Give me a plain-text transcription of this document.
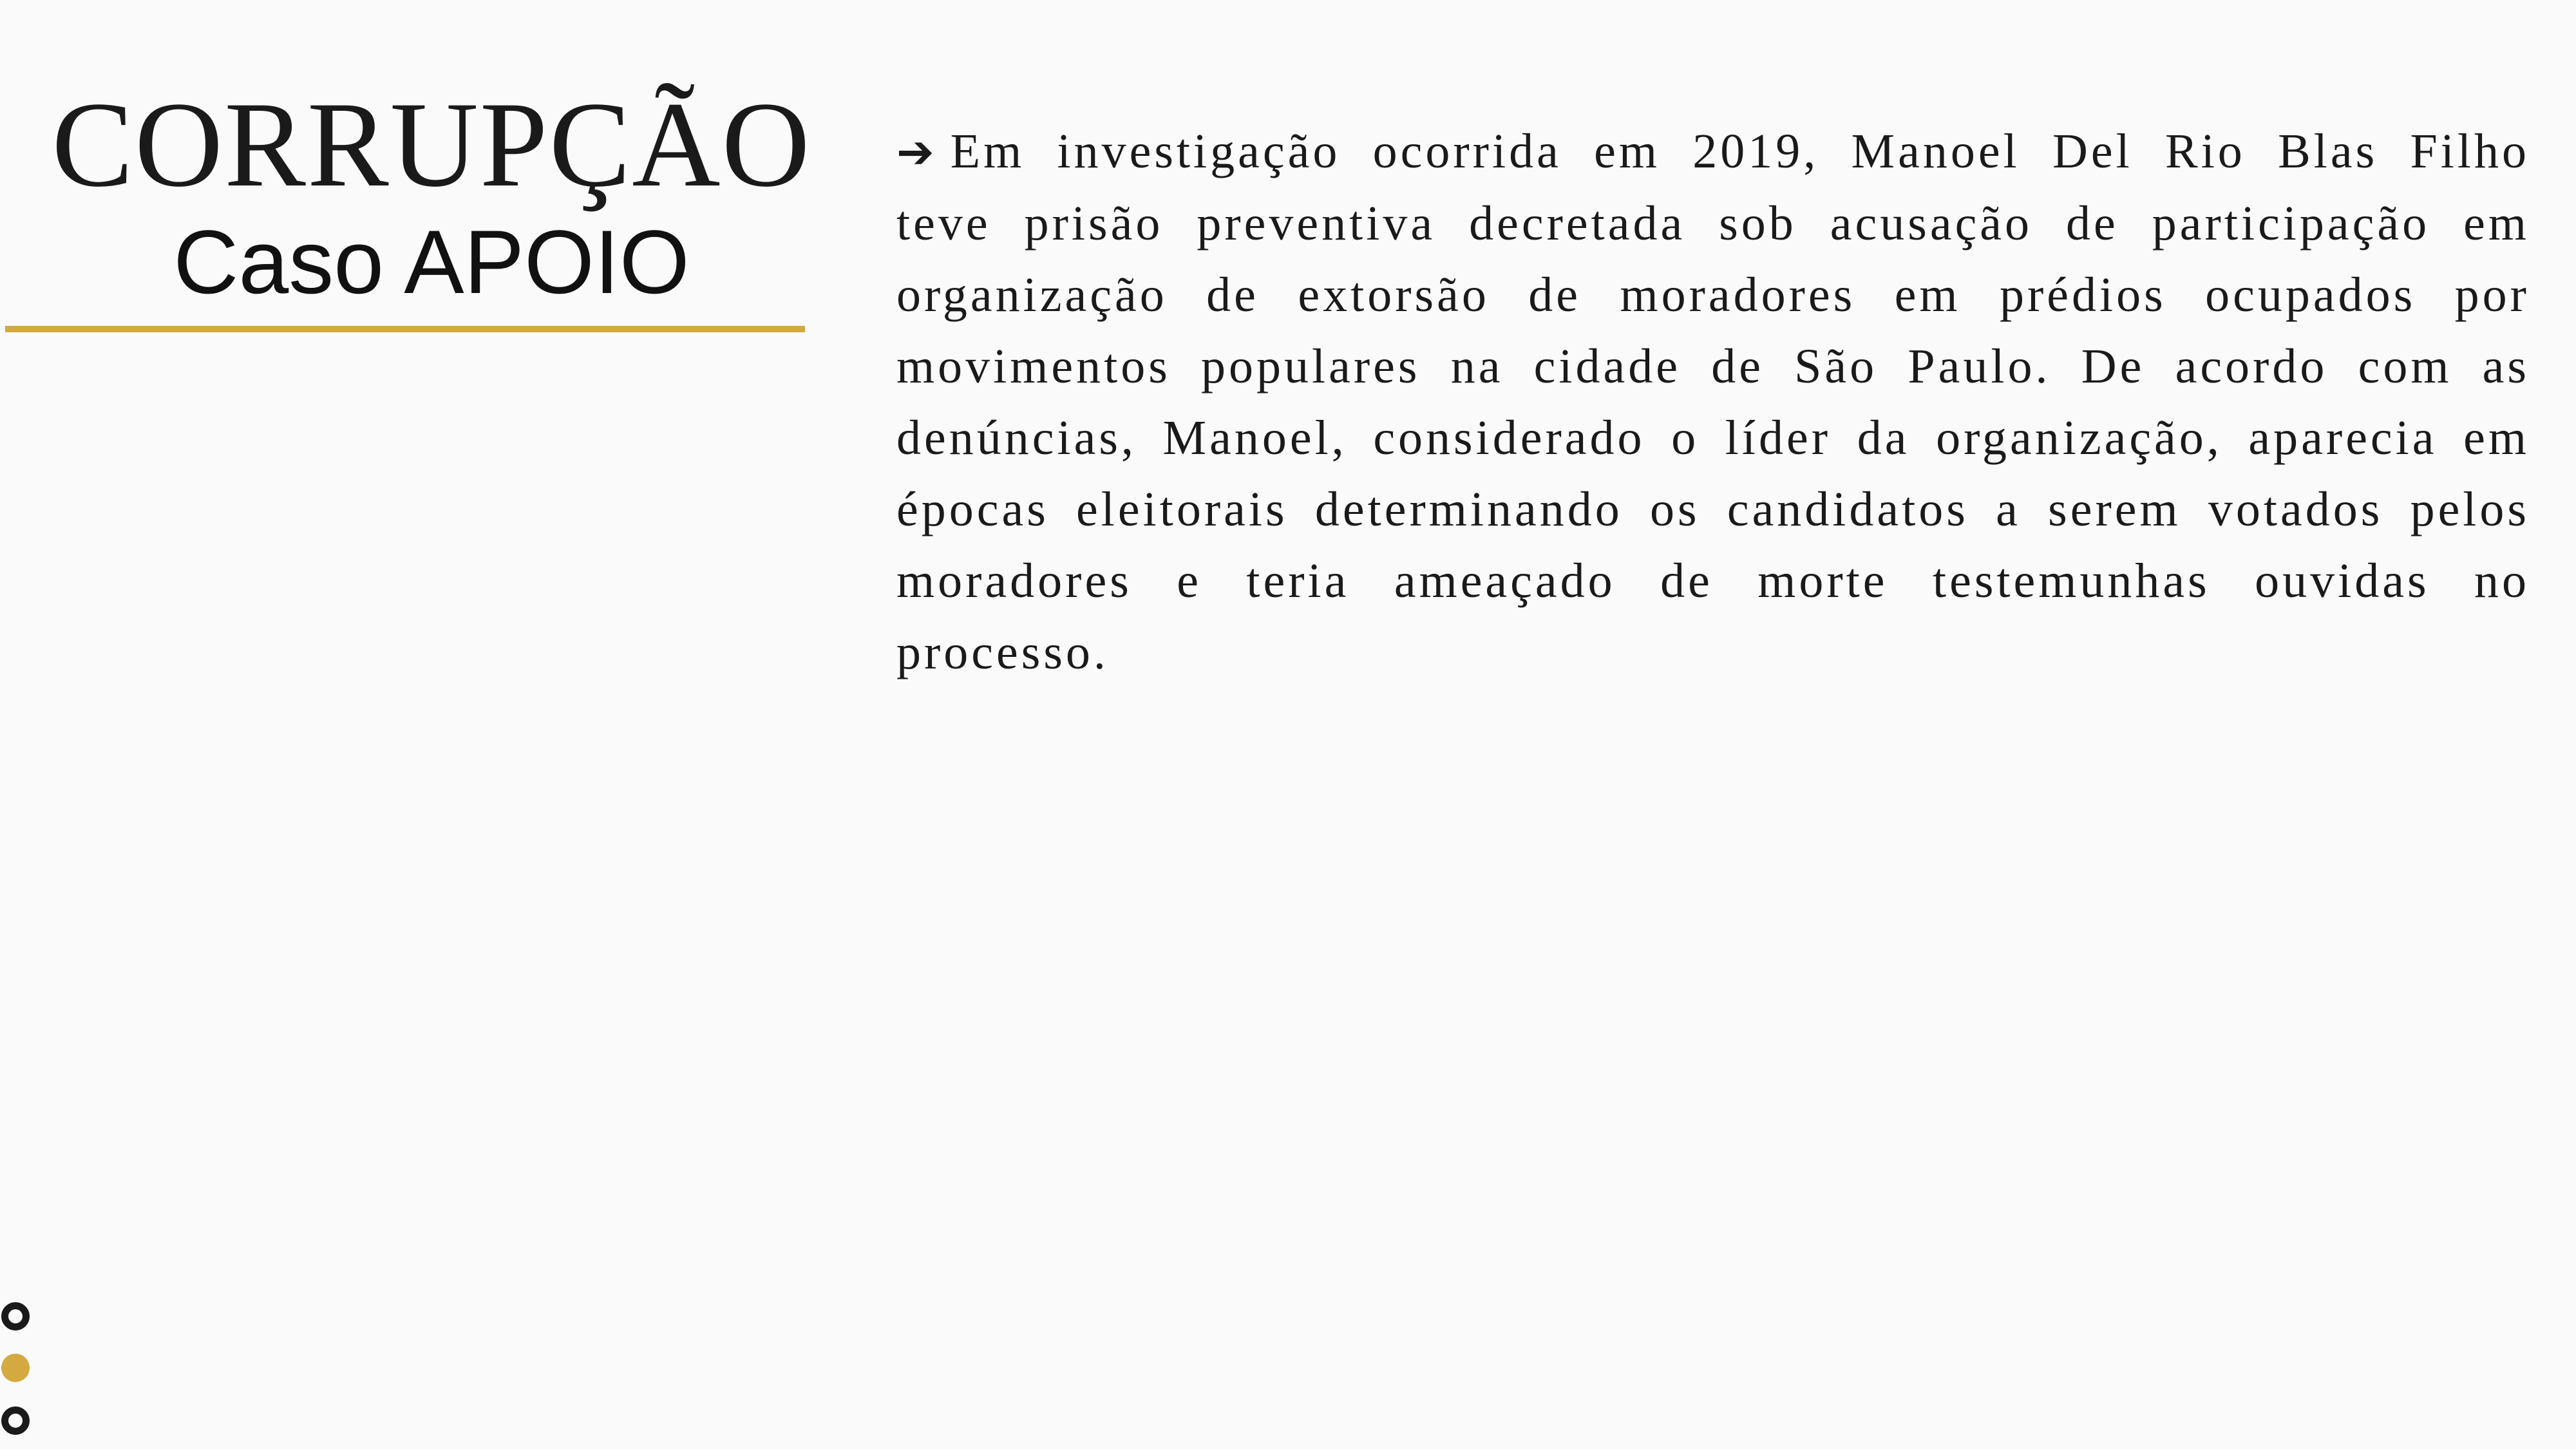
CORRUPÇÃO
Caso APOIO

➔ Em investigação ocorrida em 2019, Manoel Del Rio Blas Filho teve prisão preventiva decretada sob acusação de participação em organização de extorsão de moradores em prédios ocupados por movimentos populares na cidade de São Paulo. De acordo com as denúncias, Manoel, considerado o líder da organização, aparecia em épocas eleitorais determinando os candidatos a serem votados pelos moradores e teria ameaçado de morte testemunhas ouvidas no processo.
